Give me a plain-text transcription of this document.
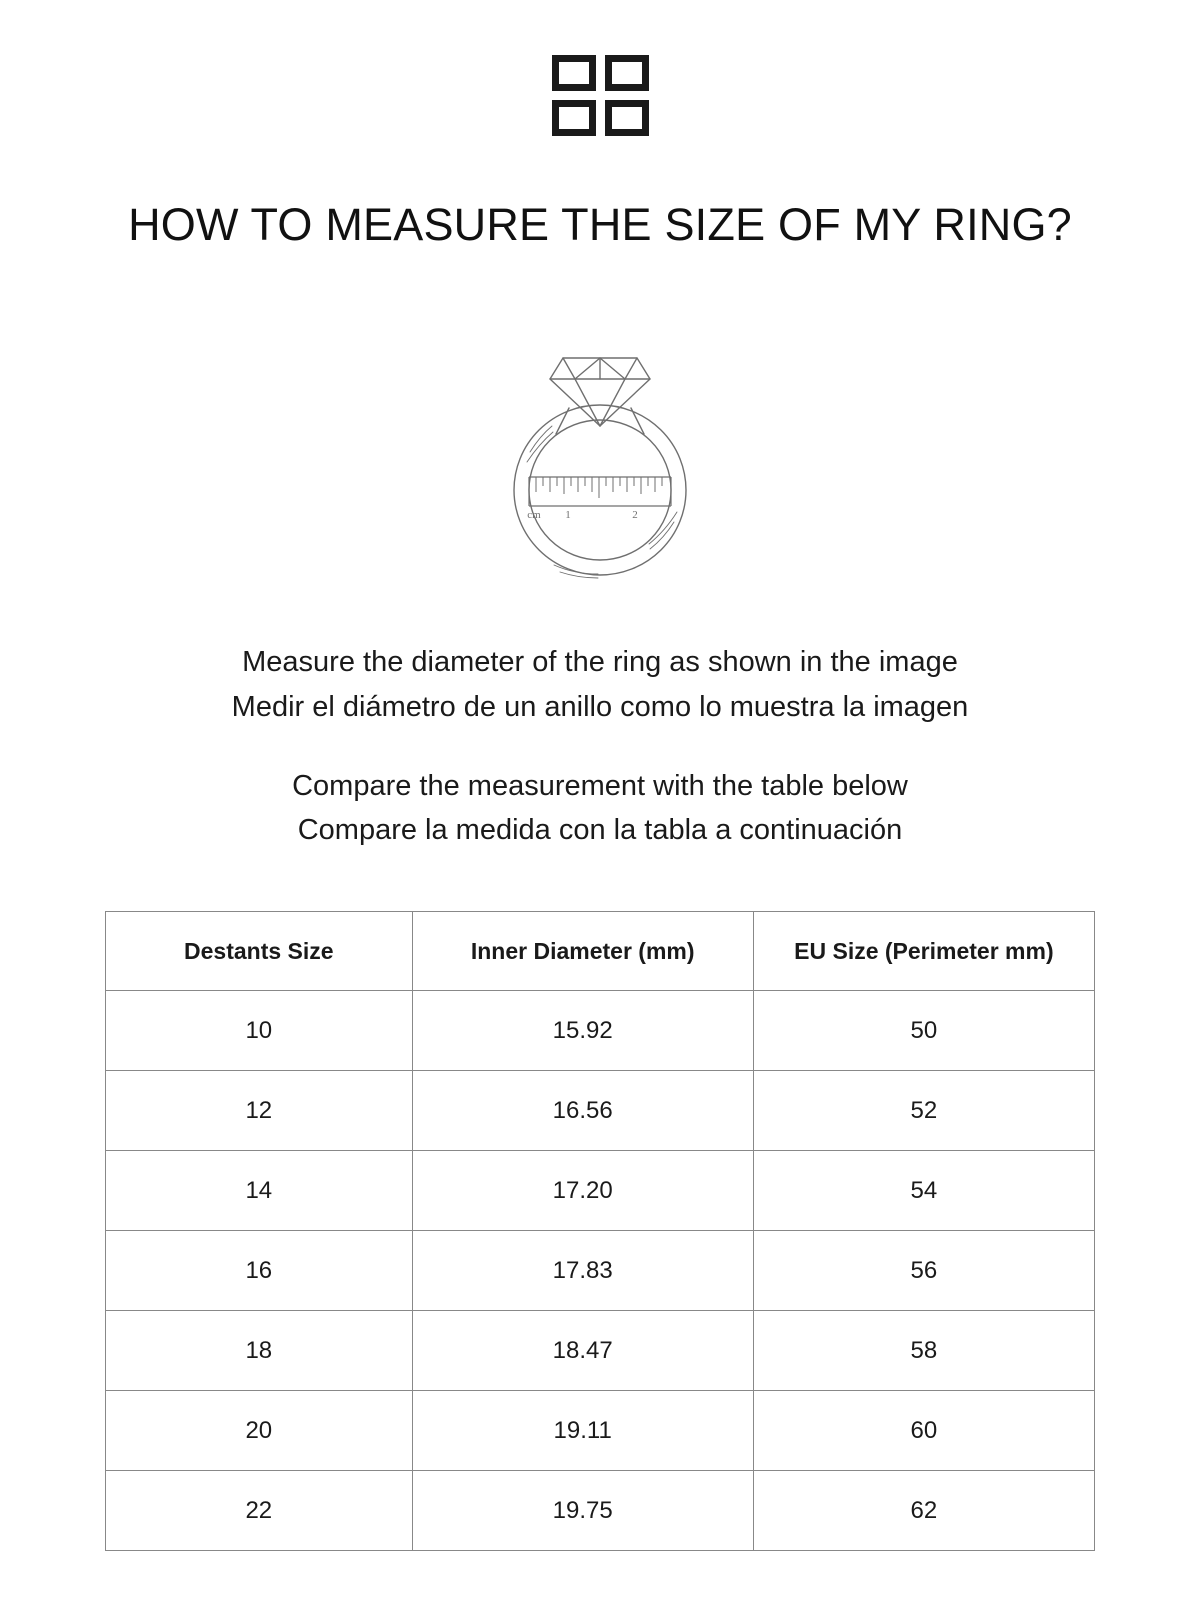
HOW TO MEASURE THE SIZE OF MY RING?
cm 1	2
Measure the diameter of the ring as shown in the image
Medir el diámetro de un anillo como lo muestra la imagen
Compare the measurement with the table below
Compare la medida con la tabla a continuación
Destants Size	Inner Diameter (mm)	EU Size (Perimeter mm)
10	15.92	50
12	16.56	52
14	17.20	54
16	17.83	56
18	18.47	58
20	19.11	60
22	19.75	62
